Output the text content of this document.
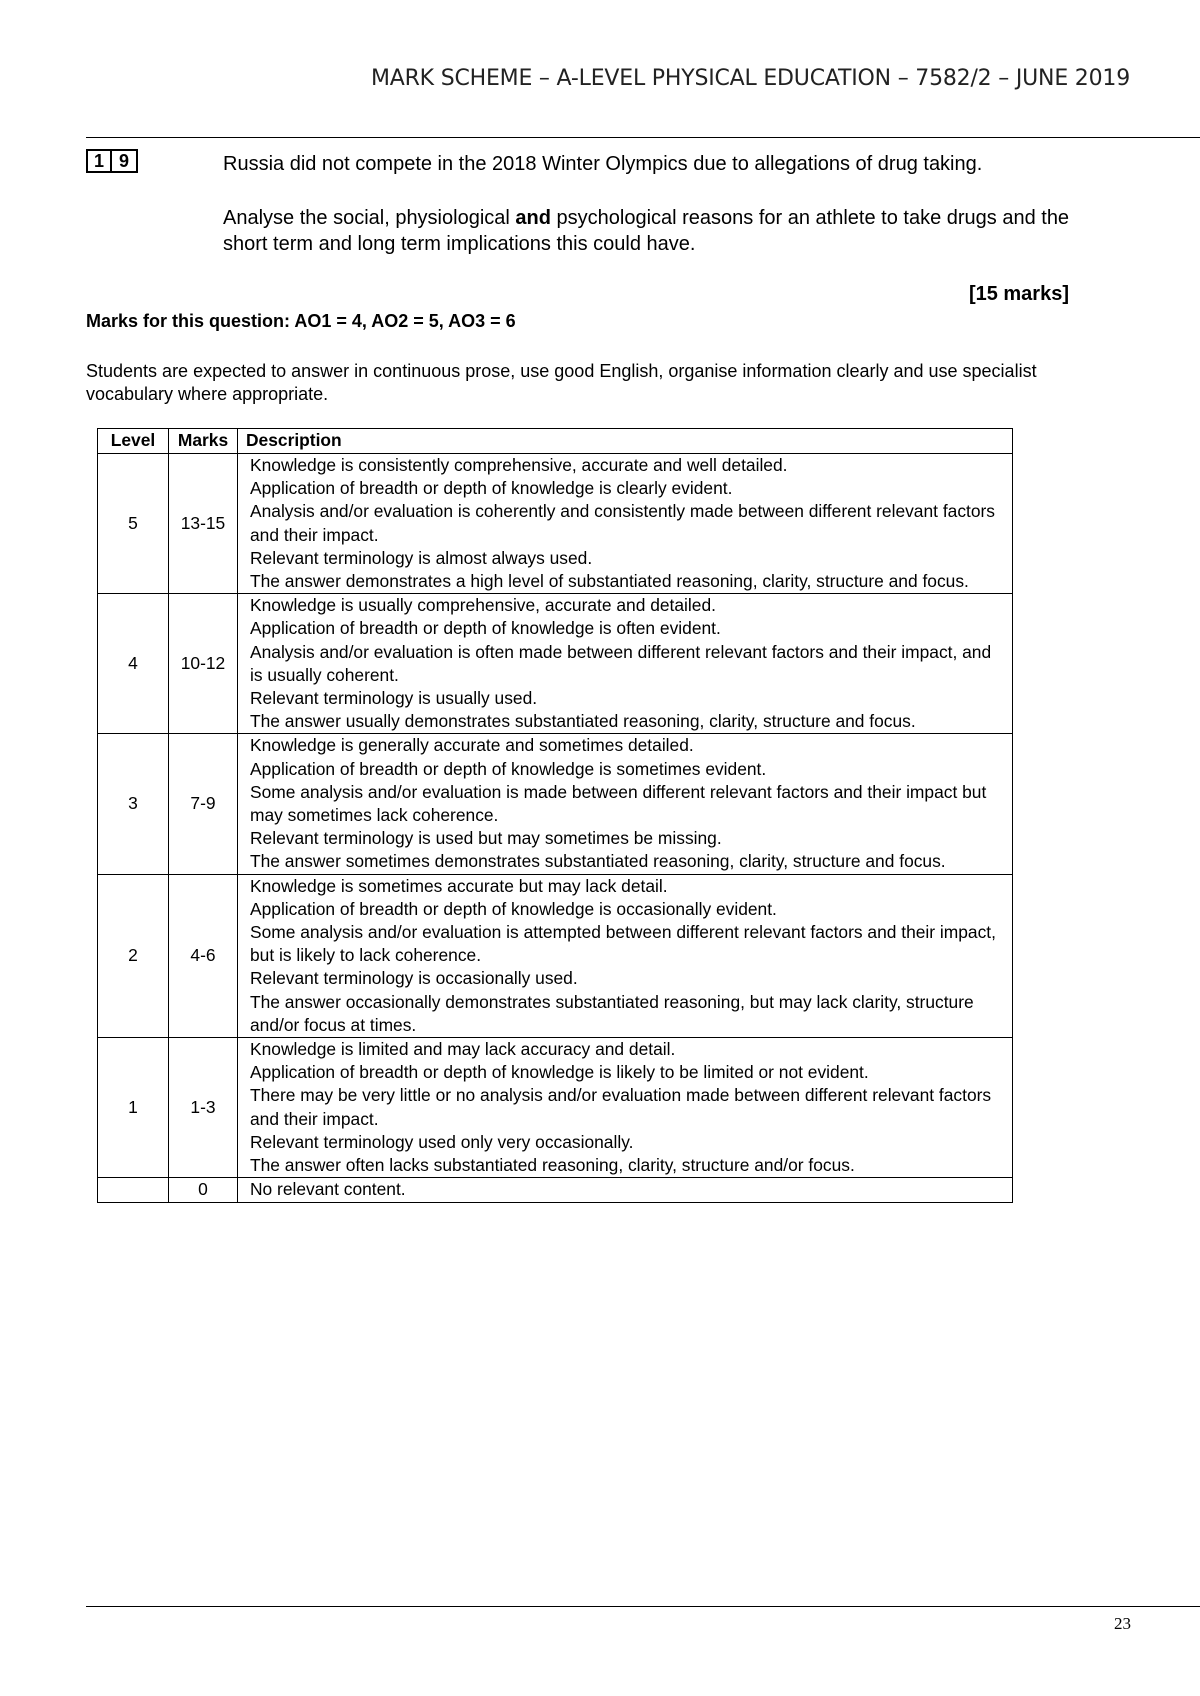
MARK SCHEME – A-LEVEL PHYSICAL EDUCATION – 7582/2 – JUNE 2019
1 9	Russia did not compete in the 2018 Winter Olympics due to allegations of drug taking.

Analyse the social, physiological and psychological reasons for an athlete to take drugs and the short term and long term implications this could have.

[15 marks]
Marks for this question: AO1 = 4, AO2 = 5, AO3 = 6
Students are expected to answer in continuous prose, use good English, organise information clearly and use specialist vocabulary where appropriate.
Level	Marks	Description
5	13-15	Knowledge is consistently comprehensive, accurate and well detailed.
Application of breadth or depth of knowledge is clearly evident.
Analysis and/or evaluation is coherently and consistently made between different relevant factors and their impact.
Relevant terminology is almost always used.
The answer demonstrates a high level of substantiated reasoning, clarity, structure and focus.

4	10-12	Knowledge is usually comprehensive, accurate and detailed.
Application of breadth or depth of knowledge is often evident.
Analysis and/or evaluation is often made between different relevant factors and their impact, and is usually coherent.
Relevant terminology is usually used.
The answer usually demonstrates substantiated reasoning, clarity, structure and focus.

3	7-9	Knowledge is generally accurate and sometimes detailed.
Application of breadth or depth of knowledge is sometimes evident.
Some analysis and/or evaluation is made between different relevant factors and their impact but may sometimes lack coherence.
Relevant terminology is used but may sometimes be missing.
The answer sometimes demonstrates substantiated reasoning, clarity, structure and focus.

2	4-6	Knowledge is sometimes accurate but may lack detail.
Application of breadth or depth of knowledge is occasionally evident.
Some analysis and/or evaluation is attempted between different relevant factors and their impact, but is likely to lack coherence.
Relevant terminology is occasionally used.
The answer occasionally demonstrates substantiated reasoning, but may lack clarity, structure and/or focus at times.

1	1-3	Knowledge is limited and may lack accuracy and detail.
Application of breadth or depth of knowledge is likely to be limited or not evident.
There may be very little or no analysis and/or evaluation made between different relevant factors and their impact.
Relevant terminology used only very occasionally.
The answer often lacks substantiated reasoning, clarity, structure and/or focus.

	0	No relevant content.
23
